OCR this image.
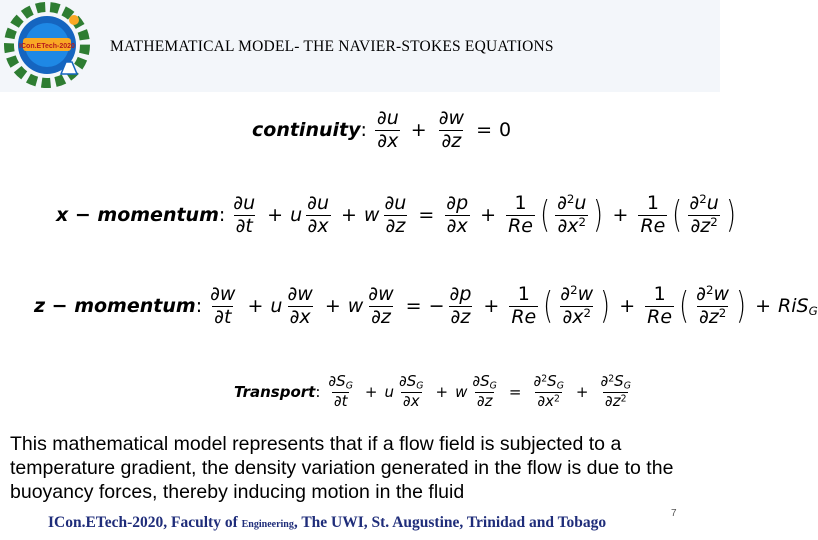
ICon.ETech-2020 MATHEMATICAL MODEL- THE NAVIER-STOKES EQUATIONS
continuity : $\frac{\partial u}{\partial x} + \frac{\partial w}{\partial z} = 0$
x − momentum : $\frac{\partial u}{\partial t} + u \frac{\partial u}{\partial x} + w \frac{\partial u}{\partial z} = \frac{\partial p}{\partial x} + \frac{1}{Re}$ ( $\frac{\partial^2u}{\partial x^2}$ ) + $\frac{1}{Re}$ ( $\frac{\partial^2u}{\partial z^2}$ )
z − momentum : $\frac{\partial w}{\partial t} + u \frac{\partial w}{\partial x} + w \frac{\partial w}{\partial z}$ = − $\frac{\partial p}{\partial z} + \frac{1}{Re}$ ( $\frac{\partial^2w}{\partial x^2}$ ) + $\frac{1}{Re}$ ( $\frac{\partial^2w}{\partial z^2}$ ) + RiS$_G$
Transport : $\frac{\partial S_G}{\partial t} + u \frac{\partial S_G}{\partial x} + w \frac{\partial S_G}{\partial z} = \frac{\partial^2S_G}{\partial x^2} + \frac{\partial^2S_G}{\partial z^2}$
This mathematical model represents that if a flow field is subjected to a temperature gradient, the density variation generated in the flow is due to the buoyancy forces, thereby inducing motion in the fluid
ICon.ETech-2020, Faculty of Engineering, The UWI, St. Augustine, Trinidad and Tobago
7
